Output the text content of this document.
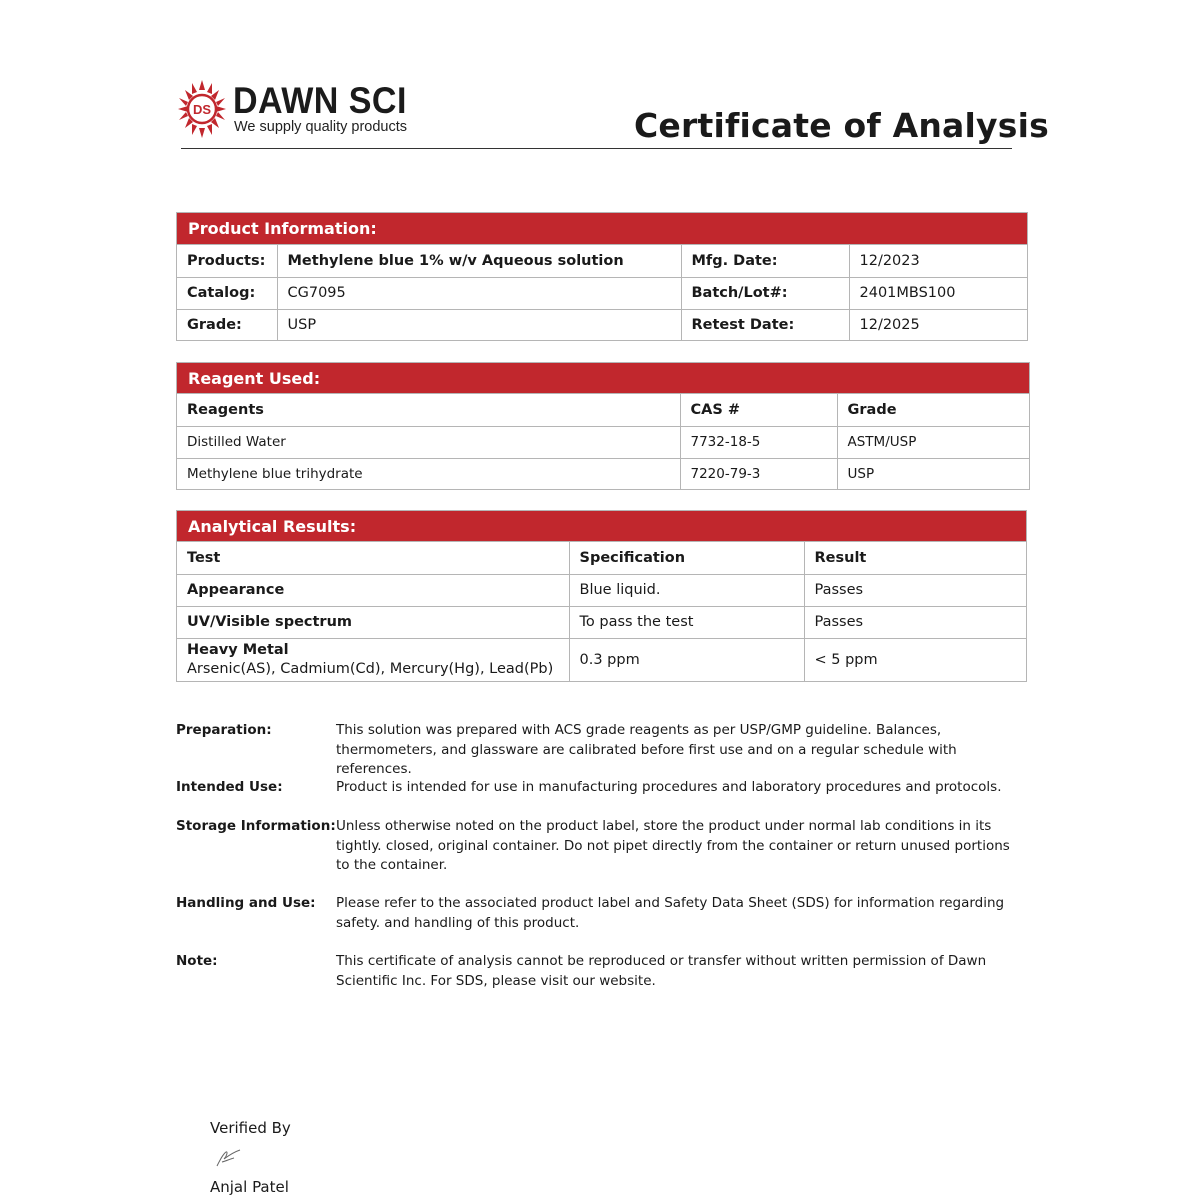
DS DAWN SCI
We supply quality products	Certificate of Analysis
Product Information:
Products:	Methylene blue 1% w/v Aqueous solution	Mfg. Date:	12/2023
Catalog:	CG7095	Batch/Lot#:	2401MBS100
Grade:	USP	Retest Date:	12/2025
Reagent Used:
Reagents	CAS #	Grade
Distilled Water	7732-18-5	ASTM/USP
Methylene blue trihydrate	7220-79-3	USP
Analytical Results:
Test	Specification	Result
Appearance	Blue liquid.	Passes
UV/Visible spectrum	To pass the test	Passes

Heavy Metal
Arsenic(AS), Cadmium(Cd), Mercury(Hg), Lead(Pb)	0.3 ppm	< 5 ppm
Preparation:	This solution was prepared with ACS grade reagents as per USP/GMP guideline. Balances, thermometers, and glassware are calibrated before first use and on a regular schedule with references.
Intended Use:	Product is intended for use in manufacturing procedures and laboratory procedures and protocols.
Storage Information: Unless otherwise noted on the product label, store the product under normal lab conditions in its tightly. closed, original container. Do not pipet directly from the container or return unused portions to the container.
Handling and Use: Please refer to the associated product label and Safety Data Sheet (SDS) for information regarding safety. and handling of this product.
Note:	This certificate of analysis cannot be reproduced or transfer without written permission of Dawn Scientific Inc. For SDS, please visit our website.
Verified By
Anjal Patel
